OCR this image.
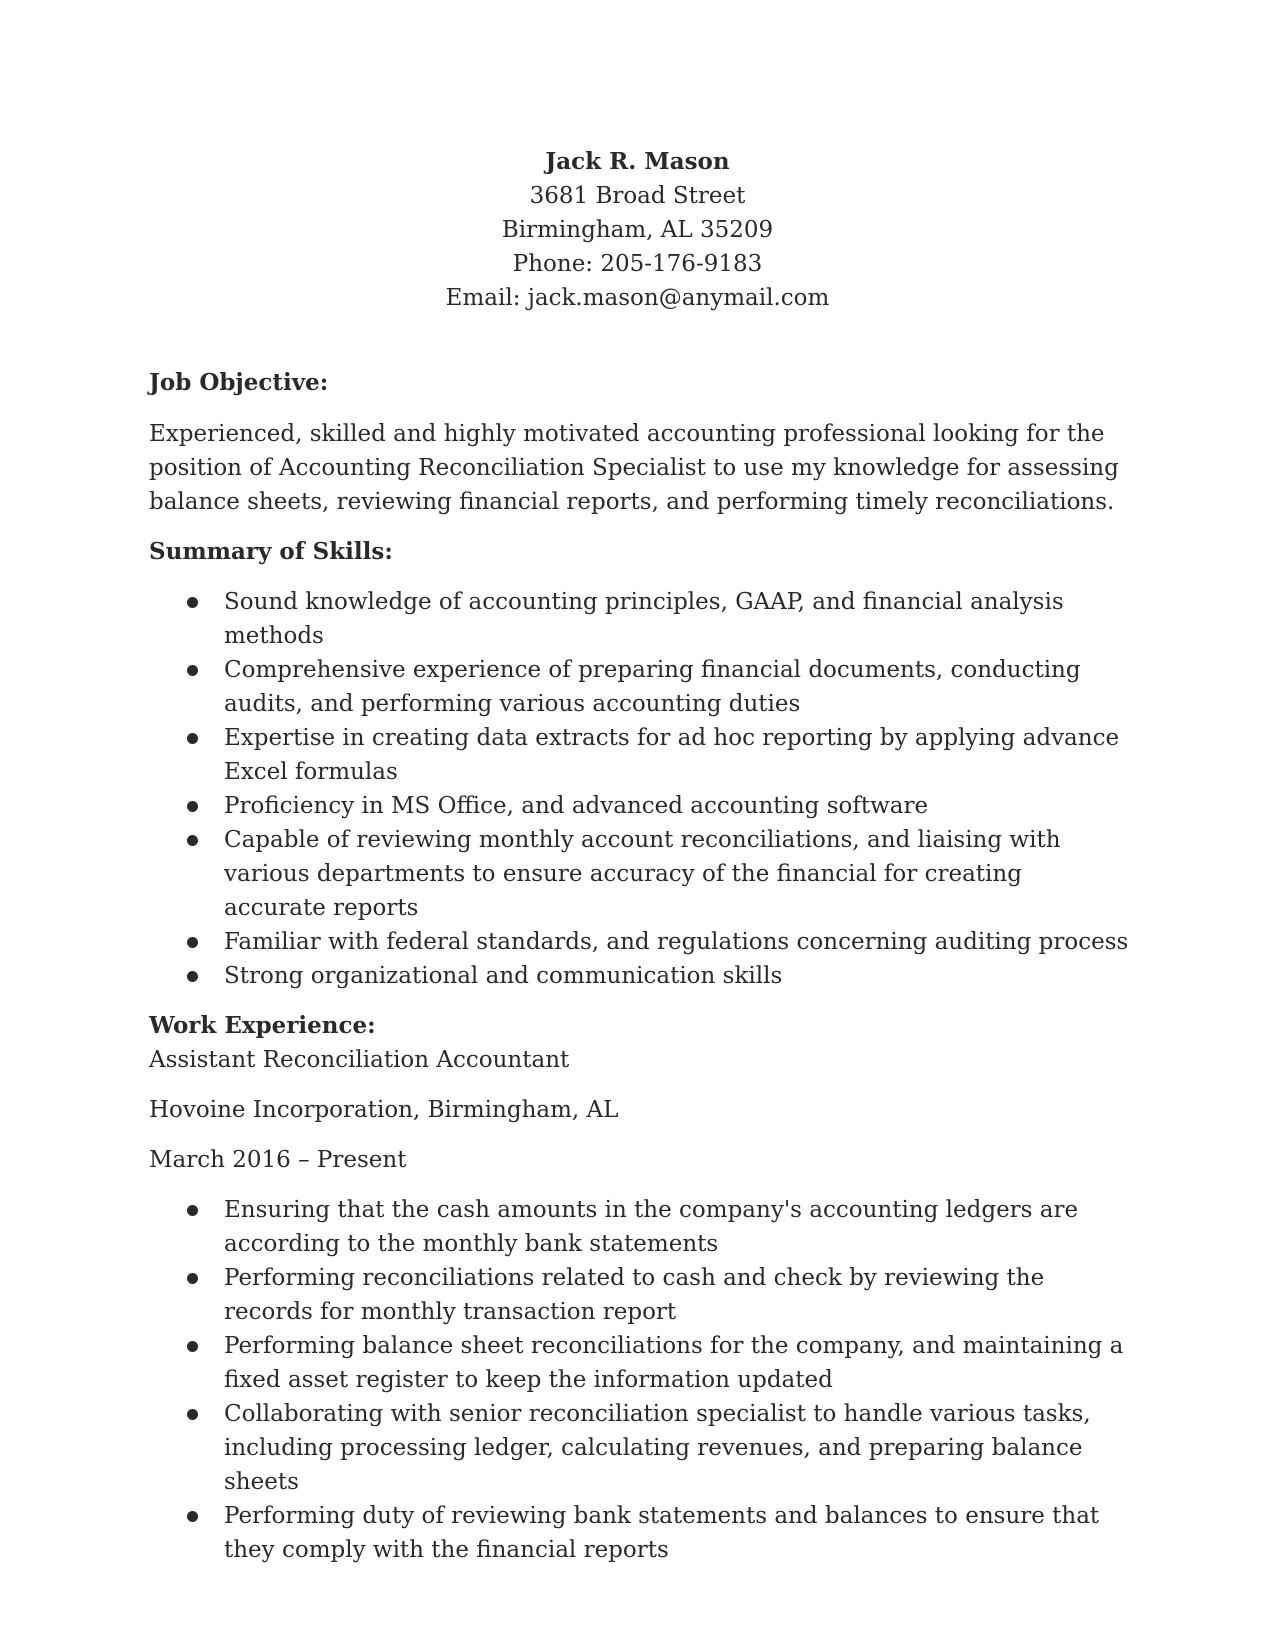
Jack R. Mason
3681 Broad Street
Birmingham, AL 35209
Phone: 205-176-9183
Email: jack.mason@anymail.com
Job Objective:
Experienced, skilled and highly motivated accounting professional looking for the position of Accounting Reconciliation Specialist to use my knowledge for assessing balance sheets, reviewing financial reports, and performing timely reconciliations.
Summary of Skills:
Sound knowledge of accounting principles, GAAP, and financial analysis methods
Comprehensive experience of preparing financial documents, conducting audits, and performing various accounting duties
Expertise in creating data extracts for ad hoc reporting by applying advance Excel formulas
Proficiency in MS Office, and advanced accounting software
Capable of reviewing monthly account reconciliations, and liaising with various departments to ensure accuracy of the financial for creating accurate reports
Familiar with federal standards, and regulations concerning auditing process
Strong organizational and communication skills
Work Experience:
Assistant Reconciliation Accountant
Hovoine Incorporation, Birmingham, AL
March 2016 – Present
Ensuring that the cash amounts in the company's accounting ledgers are according to the monthly bank statements
Performing reconciliations related to cash and check by reviewing the records for monthly transaction report
Performing balance sheet reconciliations for the company, and maintaining a fixed asset register to keep the information updated
Collaborating with senior reconciliation specialist to handle various tasks, including processing ledger, calculating revenues, and preparing balance sheets
Performing duty of reviewing bank statements and balances to ensure that they comply with the financial reports
